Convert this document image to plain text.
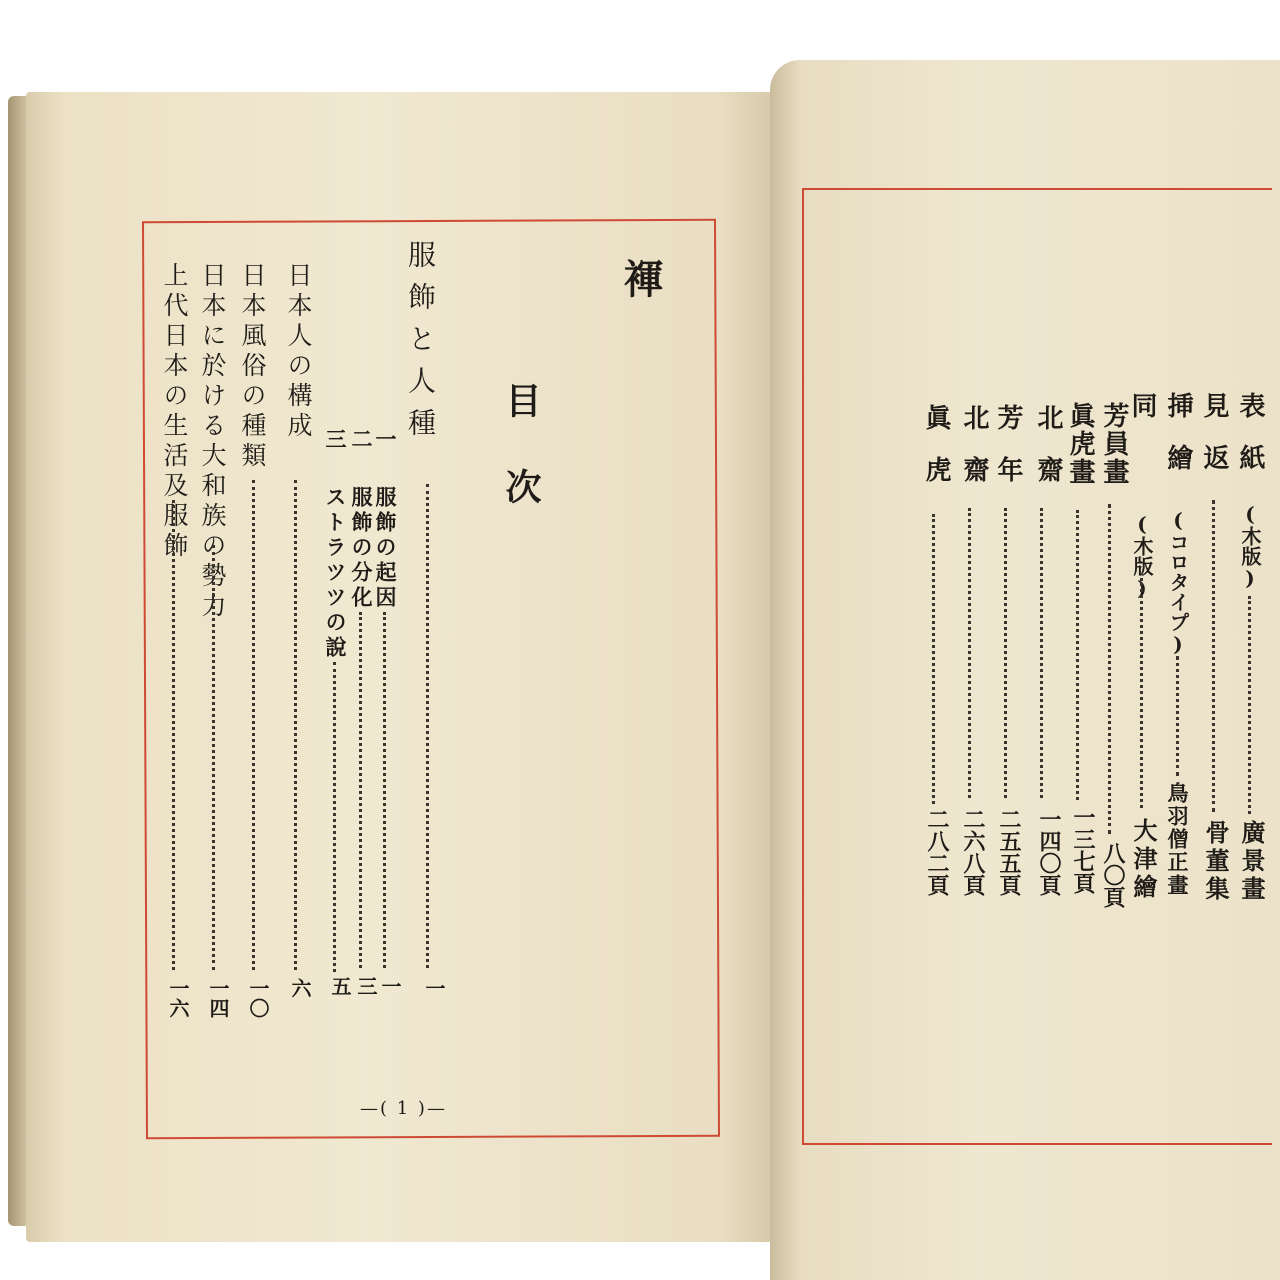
褌
目次
服飾と人種
一
一
服飾の起因
一
二
服飾の分化
三
三
ストラツツの說
五
日本人の構成
六
日本風俗の種類
一〇
日本に於ける大和族の勢力
一四
上代日本の生活及服飾
一六
—( 1 )—

表紙
(木版)
廣景畫
見返
骨董集
挿繪
(コロタイプ)
鳥羽僧正畫
同
(木版)
大津繪
八〇頁
芳員畫
一三七頁
眞虎畫
一四〇頁
北齋
芳年
二五五頁
北齋
二六八頁
眞虎
二八二頁
